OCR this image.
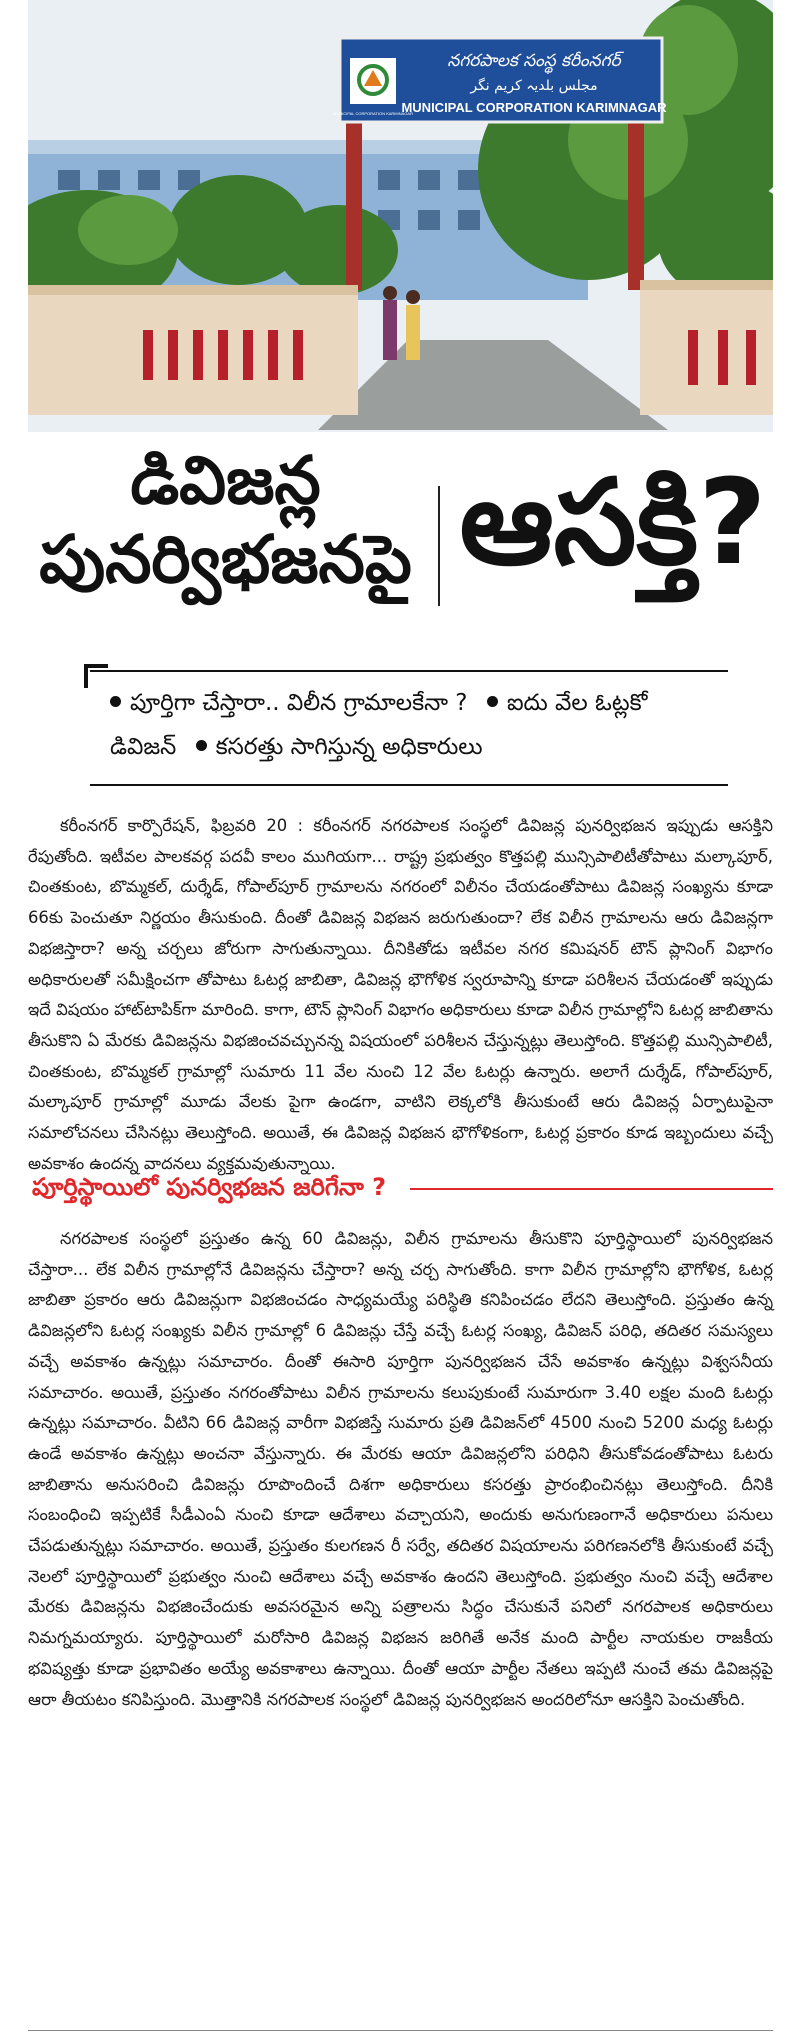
నగరపాలక సంస్థ కరీంనగర్
مجلس بلدیہ کریم نگر
MUNICIPAL CORPORATION KARIMNAGAR
MUNICIPAL CORPORATION KARIMNAGAR
డివిజన్ల
పునర్విభజనపై ఆసక్తి?
పూర్తిగా చేస్తారా.. విలీన గ్రామాలకేనా ? ఐదు వేల ఓట్లకో
డివిజన్ కసరత్తు సాగిస్తున్న అధికారులు
కరీంనగర్ కార్పొరేషన్, ఫిబ్రవరి 20 : కరీంనగర్ నగరపాలక సంస్థలో డివిజన్ల పునర్విభజన ఇప్పుడు ఆసక్తిని రేపుతోంది. ఇటీవల పాలకవర్గ పదవీ కాలం ముగియగా... రాష్ట్ర ప్రభుత్వం కొత్తపల్లి మున్సిపాలిటీతోపాటు మల్కాపూర్, చింతకుంట, బొమ్మకల్, దుర్శేడ్, గోపాల్‌పూర్ గ్రామాలను నగరంలో విలీనం చేయడంతోపాటు డివిజన్ల సంఖ్యను కూడా 66కు పెంచుతూ నిర్ణయం తీసుకుంది. దీంతో డివిజన్ల విభజన జరుగుతుందా? లేక విలీన గ్రామాలను ఆరు డివిజన్లగా విభజిస్తారా? అన్న చర్చలు జోరుగా సాగుతున్నాయి. దీనికితోడు ఇటీవల నగర కమిషనర్ టౌన్ ప్లానింగ్ విభాగం అధికారులతో సమీక్షించగా తోపాటు ఓటర్ల జాబితా, డివిజన్ల భౌగోళిక స్వరూపాన్ని కూడా పరిశీలన చేయడంతో ఇప్పుడు ఇదే విషయం హాట్‌టాపిక్‌గా మారింది. కాగా, టౌన్ ప్లానింగ్ విభాగం అధికారులు కూడా విలీన గ్రామాల్లోని ఓటర్ల జాబితాను తీసుకొని ఏ మేరకు డివిజన్లను విభజించవచ్చునన్న విషయంలో పరిశీలన చేస్తున్నట్లు తెలుస్తోంది. కొత్తపల్లి మున్సిపాలిటీ, చింతకుంట, బొమ్మకల్ గ్రామాల్లో సుమారు 11 వేల నుంచి 12 వేల ఓటర్లు ఉన్నారు. అలాగే దుర్శేడ్, గోపాల్‌పూర్, మల్కాపూర్ గ్రామాల్లో మూడు వేలకు పైగా ఉండగా, వాటిని లెక్కలోకి తీసుకుంటే ఆరు డివిజన్ల ఏర్పాటుపైనా సమాలోచనలు చేసినట్లు తెలుస్తోంది. అయితే, ఈ డివిజన్ల విభజన భౌగోళికంగా, ఓటర్ల ప్రకారం కూడ ఇబ్బందులు వచ్చే అవకాశం ఉందన్న వాదనలు వ్యక్తమవుతున్నాయి.
పూర్తిస్థాయిలో పునర్విభజన జరిగేనా ?
నగరపాలక సంస్థలో ప్రస్తుతం ఉన్న 60 డివిజన్లు, విలీన గ్రామాలను తీసుకొని పూర్తిస్థాయిలో పునర్విభజన చేస్తారా... లేక విలీన గ్రామాల్లోనే డివిజన్లను చేస్తారా? అన్న చర్చ సాగుతోంది. కాగా విలీన గ్రామాల్లోని భౌగోళిక, ఓటర్ల జాబితా ప్రకారం ఆరు డివిజన్లుగా విభజించడం సాధ్యమయ్యే పరిస్థితి కనిపించడం లేదని తెలుస్తోంది. ప్రస్తుతం ఉన్న డివిజన్లలోని ఓటర్ల సంఖ్యకు విలీన గ్రామాల్లో 6 డివిజన్లు చేస్తే వచ్చే ఓటర్ల సంఖ్య, డివిజన్ పరిధి, తదితర సమస్యలు వచ్చే అవకాశం ఉన్నట్లు సమాచారం. దీంతో ఈసారి పూర్తిగా పునర్విభజన చేసే అవకాశం ఉన్నట్లు విశ్వసనీయ సమాచారం. అయితే, ప్రస్తుతం నగరంతోపాటు విలీన గ్రామాలను కలుపుకుంటే సుమారుగా 3.40 లక్షల మంది ఓటర్లు ఉన్నట్లు సమాచారం. వీటిని 66 డివిజన్ల వారీగా విభజిస్తే సుమారు ప్రతి డివిజన్‌లో 4500 నుంచి 5200 మధ్య ఓటర్లు ఉండే అవకాశం ఉన్నట్లు అంచనా వేస్తున్నారు. ఈ మేరకు ఆయా డివిజన్లలోని పరిధిని తీసుకోవడంతోపాటు ఓటరు జాబితాను అనుసరించి డివిజన్లు రూపొందించే దిశగా అధికారులు కసరత్తు ప్రారంభించినట్లు తెలుస్తోంది. దీనికి సంబంధించి ఇప్పటికే సీడీఎంఏ నుంచి కూడా ఆదేశాలు వచ్చాయని, అందుకు అనుగుణంగానే అధికారులు పనులు చేపడుతున్నట్లు సమాచారం. అయితే, ప్రస్తుతం కులగణన రీ సర్వే, తదితర విషయాలను పరిగణనలోకి తీసుకుంటే వచ్చే నెలలో పూర్తిస్థాయిలో ప్రభుత్వం నుంచి ఆదేశాలు వచ్చే అవకాశం ఉందని తెలుస్తోంది. ప్రభుత్వం నుంచి వచ్చే ఆదేశాల మేరకు డివిజన్లను విభజించేందుకు అవసరమైన అన్ని పత్రాలను సిద్ధం చేసుకునే పనిలో నగరపాలక అధికారులు నిమగ్నమయ్యారు. పూర్తిస్థాయిలో మరోసారి డివిజన్ల విభజన జరిగితే అనేక మంది పార్టీల నాయకుల రాజకీయ భవిష్యత్తు కూడా ప్రభావితం అయ్యే అవకాశాలు ఉన్నాయి. దీంతో ఆయా పార్టీల నేతలు ఇప్పటి నుంచే తమ డివిజన్లపై ఆరా తీయటం కనిపిస్తుంది. మొత్తానికి నగరపాలక సంస్థలో డివిజన్ల పునర్విభజన అందరిలోనూ ఆసక్తిని పెంచుతోంది.
